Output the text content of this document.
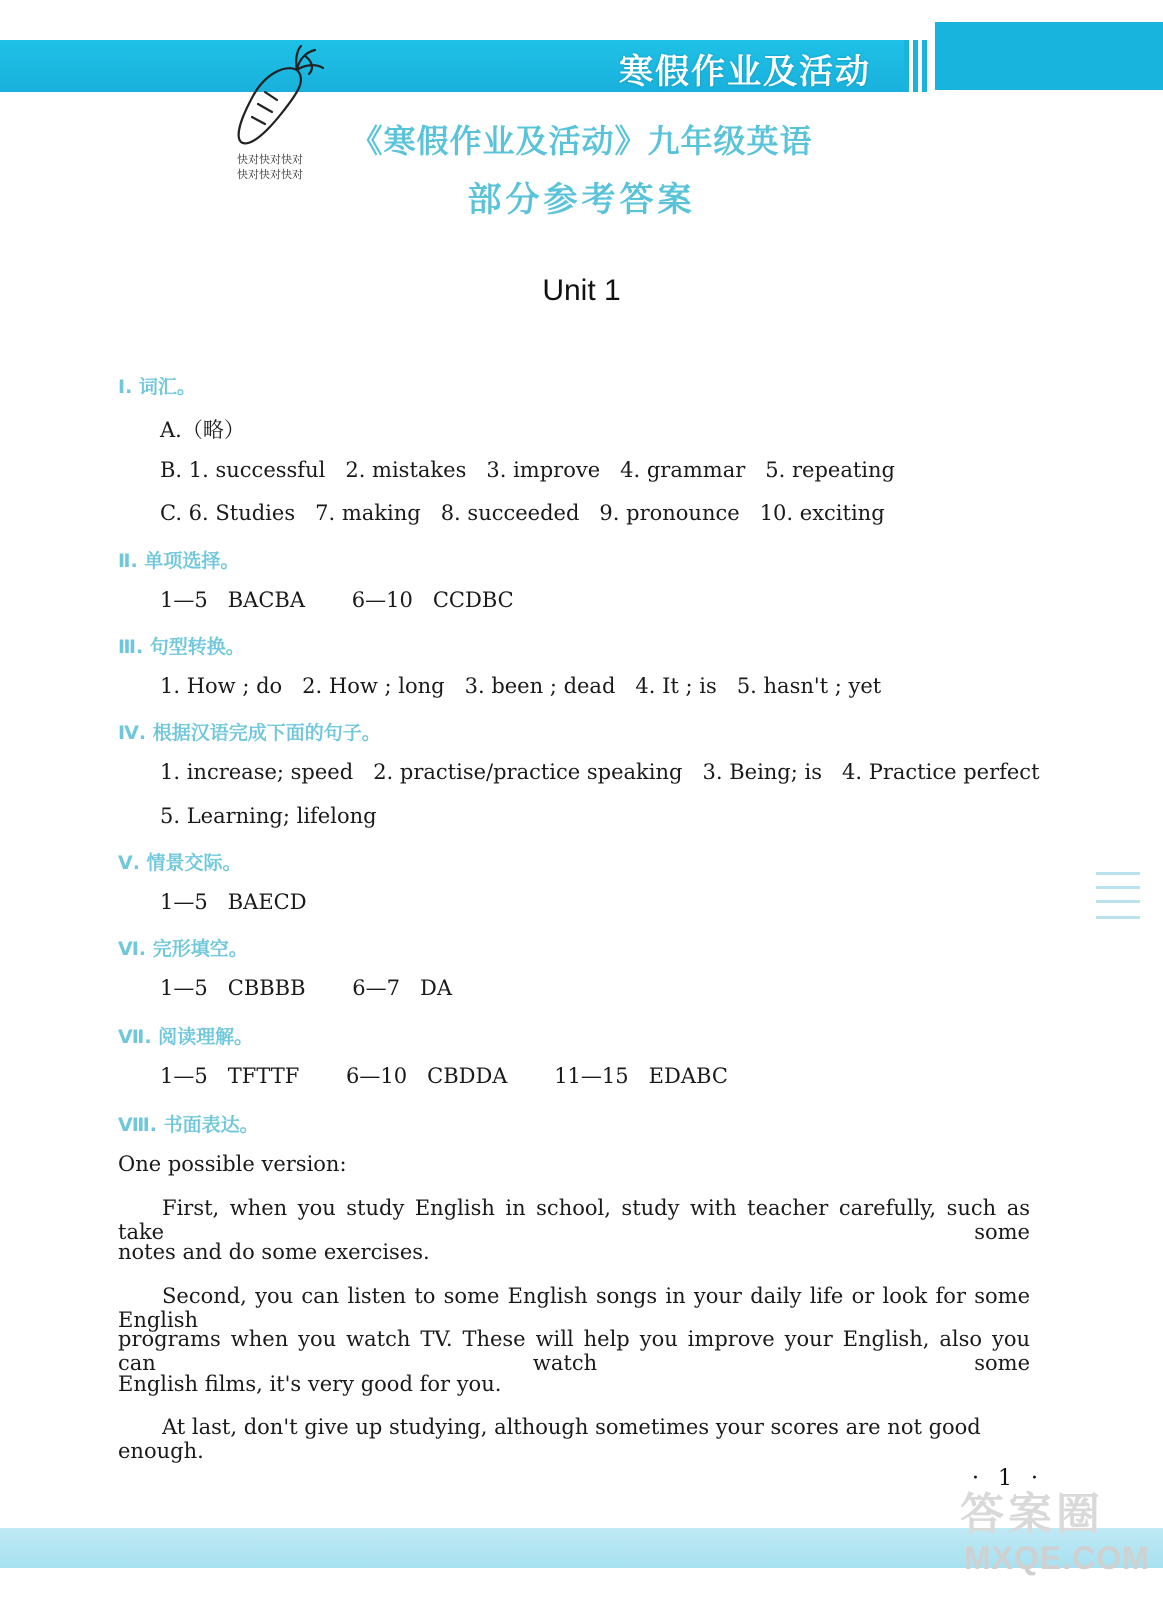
寒假作业及活动
快对快对快对
快对快对快对
《寒假作业及活动》九年级英语
部分参考答案
Unit 1
Ⅰ. 词汇。
A.（略）
B. 1. successful   2. mistakes   3. improve   4. grammar   5. repeating
C. 6. Studies   7. making   8. succeeded   9. pronounce   10. exciting
Ⅱ. 单项选择。
1—5   BACBA       6—10   CCDBC
Ⅲ. 句型转换。
1. How ; do   2. How ; long   3. been ; dead   4. It ; is   5. hasn't ; yet
Ⅳ. 根据汉语完成下面的句子。
1. increase; speed   2. practise/practice speaking   3. Being; is   4. Practice perfect
5. Learning; lifelong
Ⅴ. 情景交际。
1—5   BAECD
Ⅵ. 完形填空。
1—5   CBBBB       6—7   DA
Ⅶ. 阅读理解。
1—5   TFTTF       6—10   CBDDA       11—15   EDABC
Ⅷ. 书面表达。
One possible version:
First, when you study English in school, study with teacher carefully, such as take some
notes and do some exercises.
Second, you can listen to some English songs in your daily life or look for some English
programs when you watch TV. These will help you improve your English, also you can watch some
English films, it's very good for you.
At last, don't give up studying, although sometimes your scores are not good enough.
· 1 ·
答案圈
MXQE.COM
